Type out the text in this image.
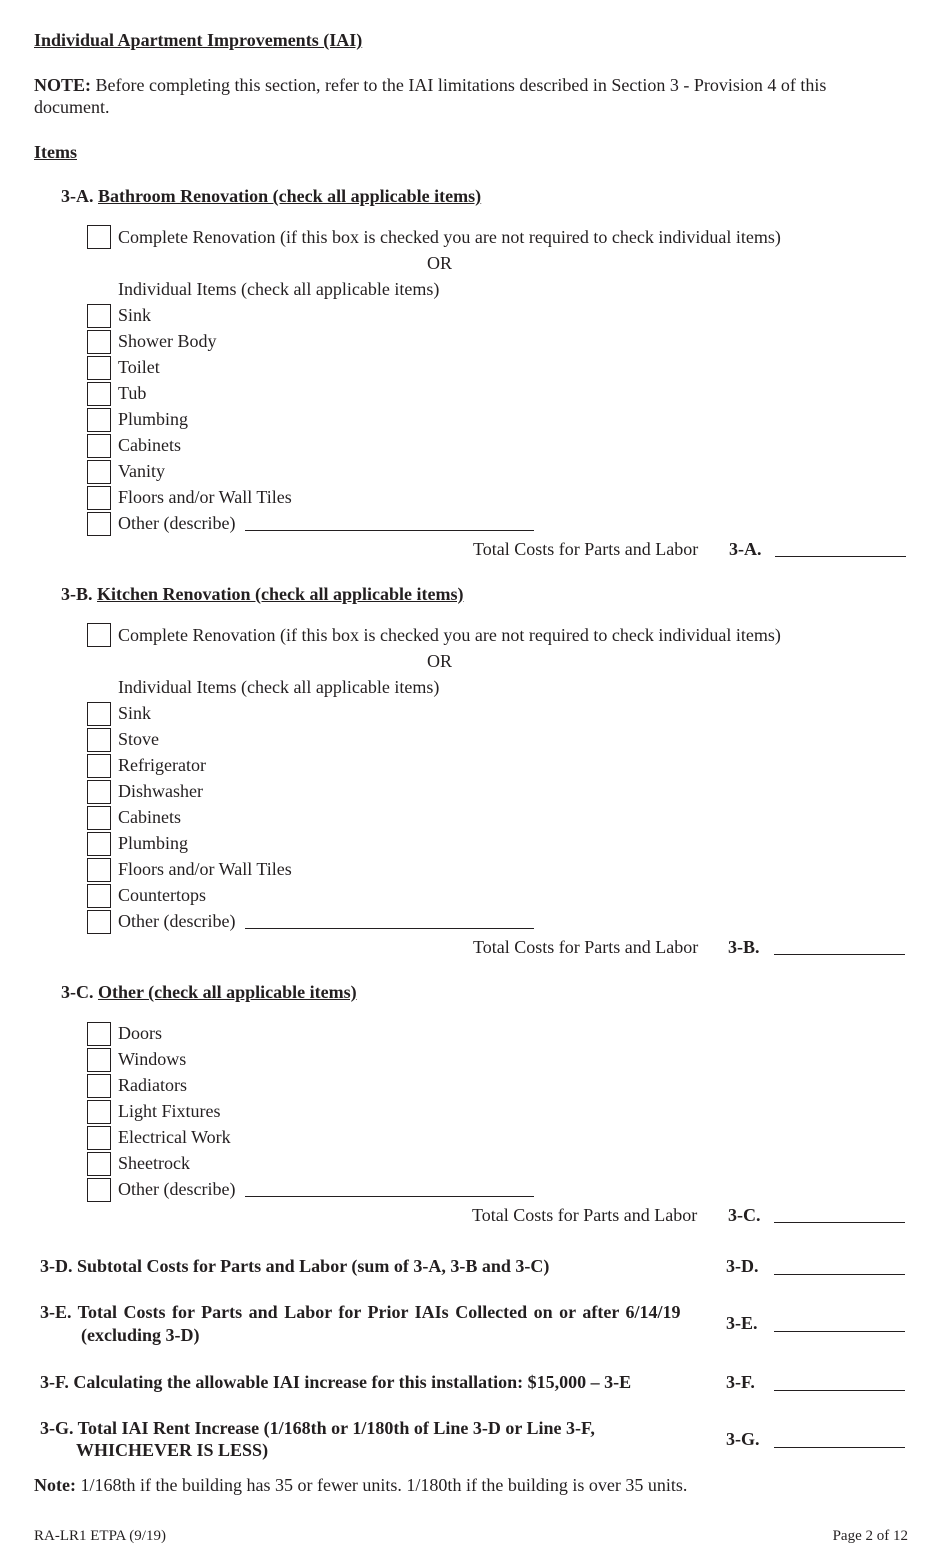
Individual Apartment Improvements (IAI)
NOTE: Before completing this section, refer to the IAI limitations described in Section 3 - Provision 4 of this
document.
Items
3-A. Bathroom Renovation (check all applicable items)
Complete Renovation (if this box is checked you are not required to check individual items)
OR
Individual Items (check all applicable items)
Sink
Shower Body
Toilet
Tub
Plumbing
Cabinets
Vanity
Floors and/or Wall Tiles
Other (describe)
Total Costs for Parts and Labor 3-A.
3-B. Kitchen Renovation (check all applicable items)
Complete Renovation (if this box is checked you are not required to check individual items)
OR
Individual Items (check all applicable items)
Sink
Stove
Refrigerator
Dishwasher
Cabinets
Plumbing
Floors and/or Wall Tiles
Countertops
Other (describe)
Total Costs for Parts and Labor 3-B.
3-C. Other (check all applicable items)
Doors
Windows
Radiators
Light Fixtures
Electrical Work
Sheetrock
Other (describe)
Total Costs for Parts and Labor 3-C.
3-D. Subtotal Costs for Parts and Labor (sum of 3-A, 3-B and 3-C)	3-D.
3-E. Total Costs for Parts and Labor for Prior IAIs Collected on or after 6/14/19
(excluding 3-D)
3-E.
3-F. Calculating the allowable IAI increase for this installation: $15,000 – 3-E	3-F.
3-G. Total IAI Rent Increase (1/168th or 1/180th of Line 3-D or Line 3-F,
WHICHEVER IS LESS)
3-G.
Note: 1/168th if the building has 35 or fewer units. 1/180th if the building is over 35 units.
RA-LR1 ETPA (9/19)	Page 2 of 12
